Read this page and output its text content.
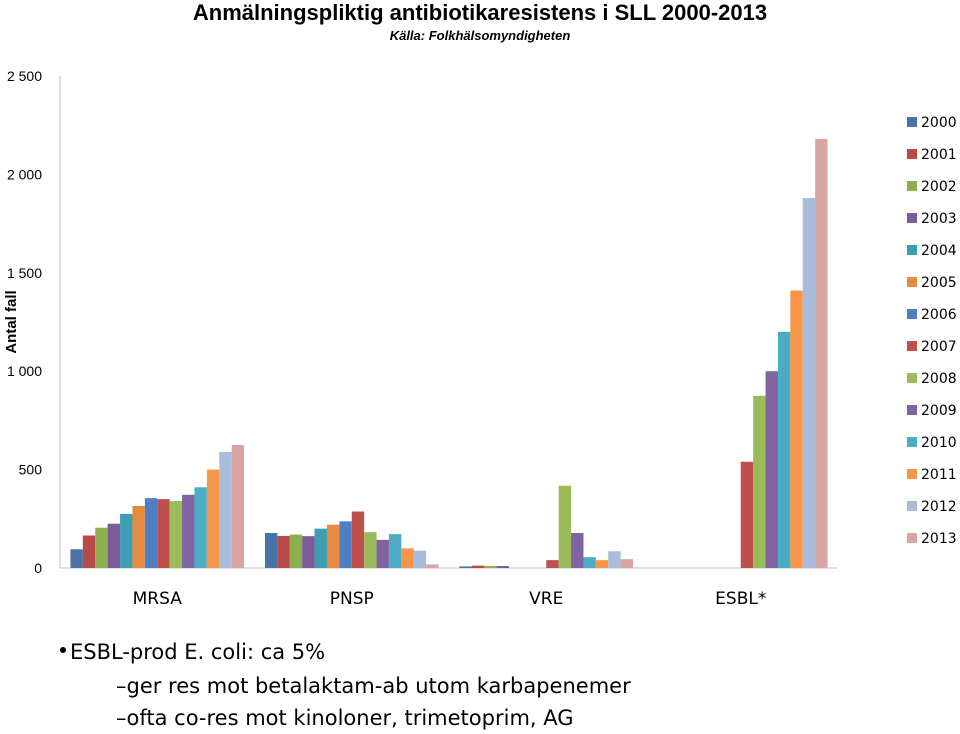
Anmälningspliktig antibiotikaresistens i SLL 2000-2013
Källa: Folkhälsomyndigheten
0
500
1 000
1 500
2 000
2 500
Antal fall
MRSA	PNSP	VRE	ESBL*
2000
2001
2002
2003
2004
2005
2006
2007
2008
2009
2010
2011
2012
2013
ESBL-prod E. coli: ca 5%
–ger res mot betalaktam-ab utom karbapenemer
–ofta co-res mot kinoloner, trimetoprim, AG
